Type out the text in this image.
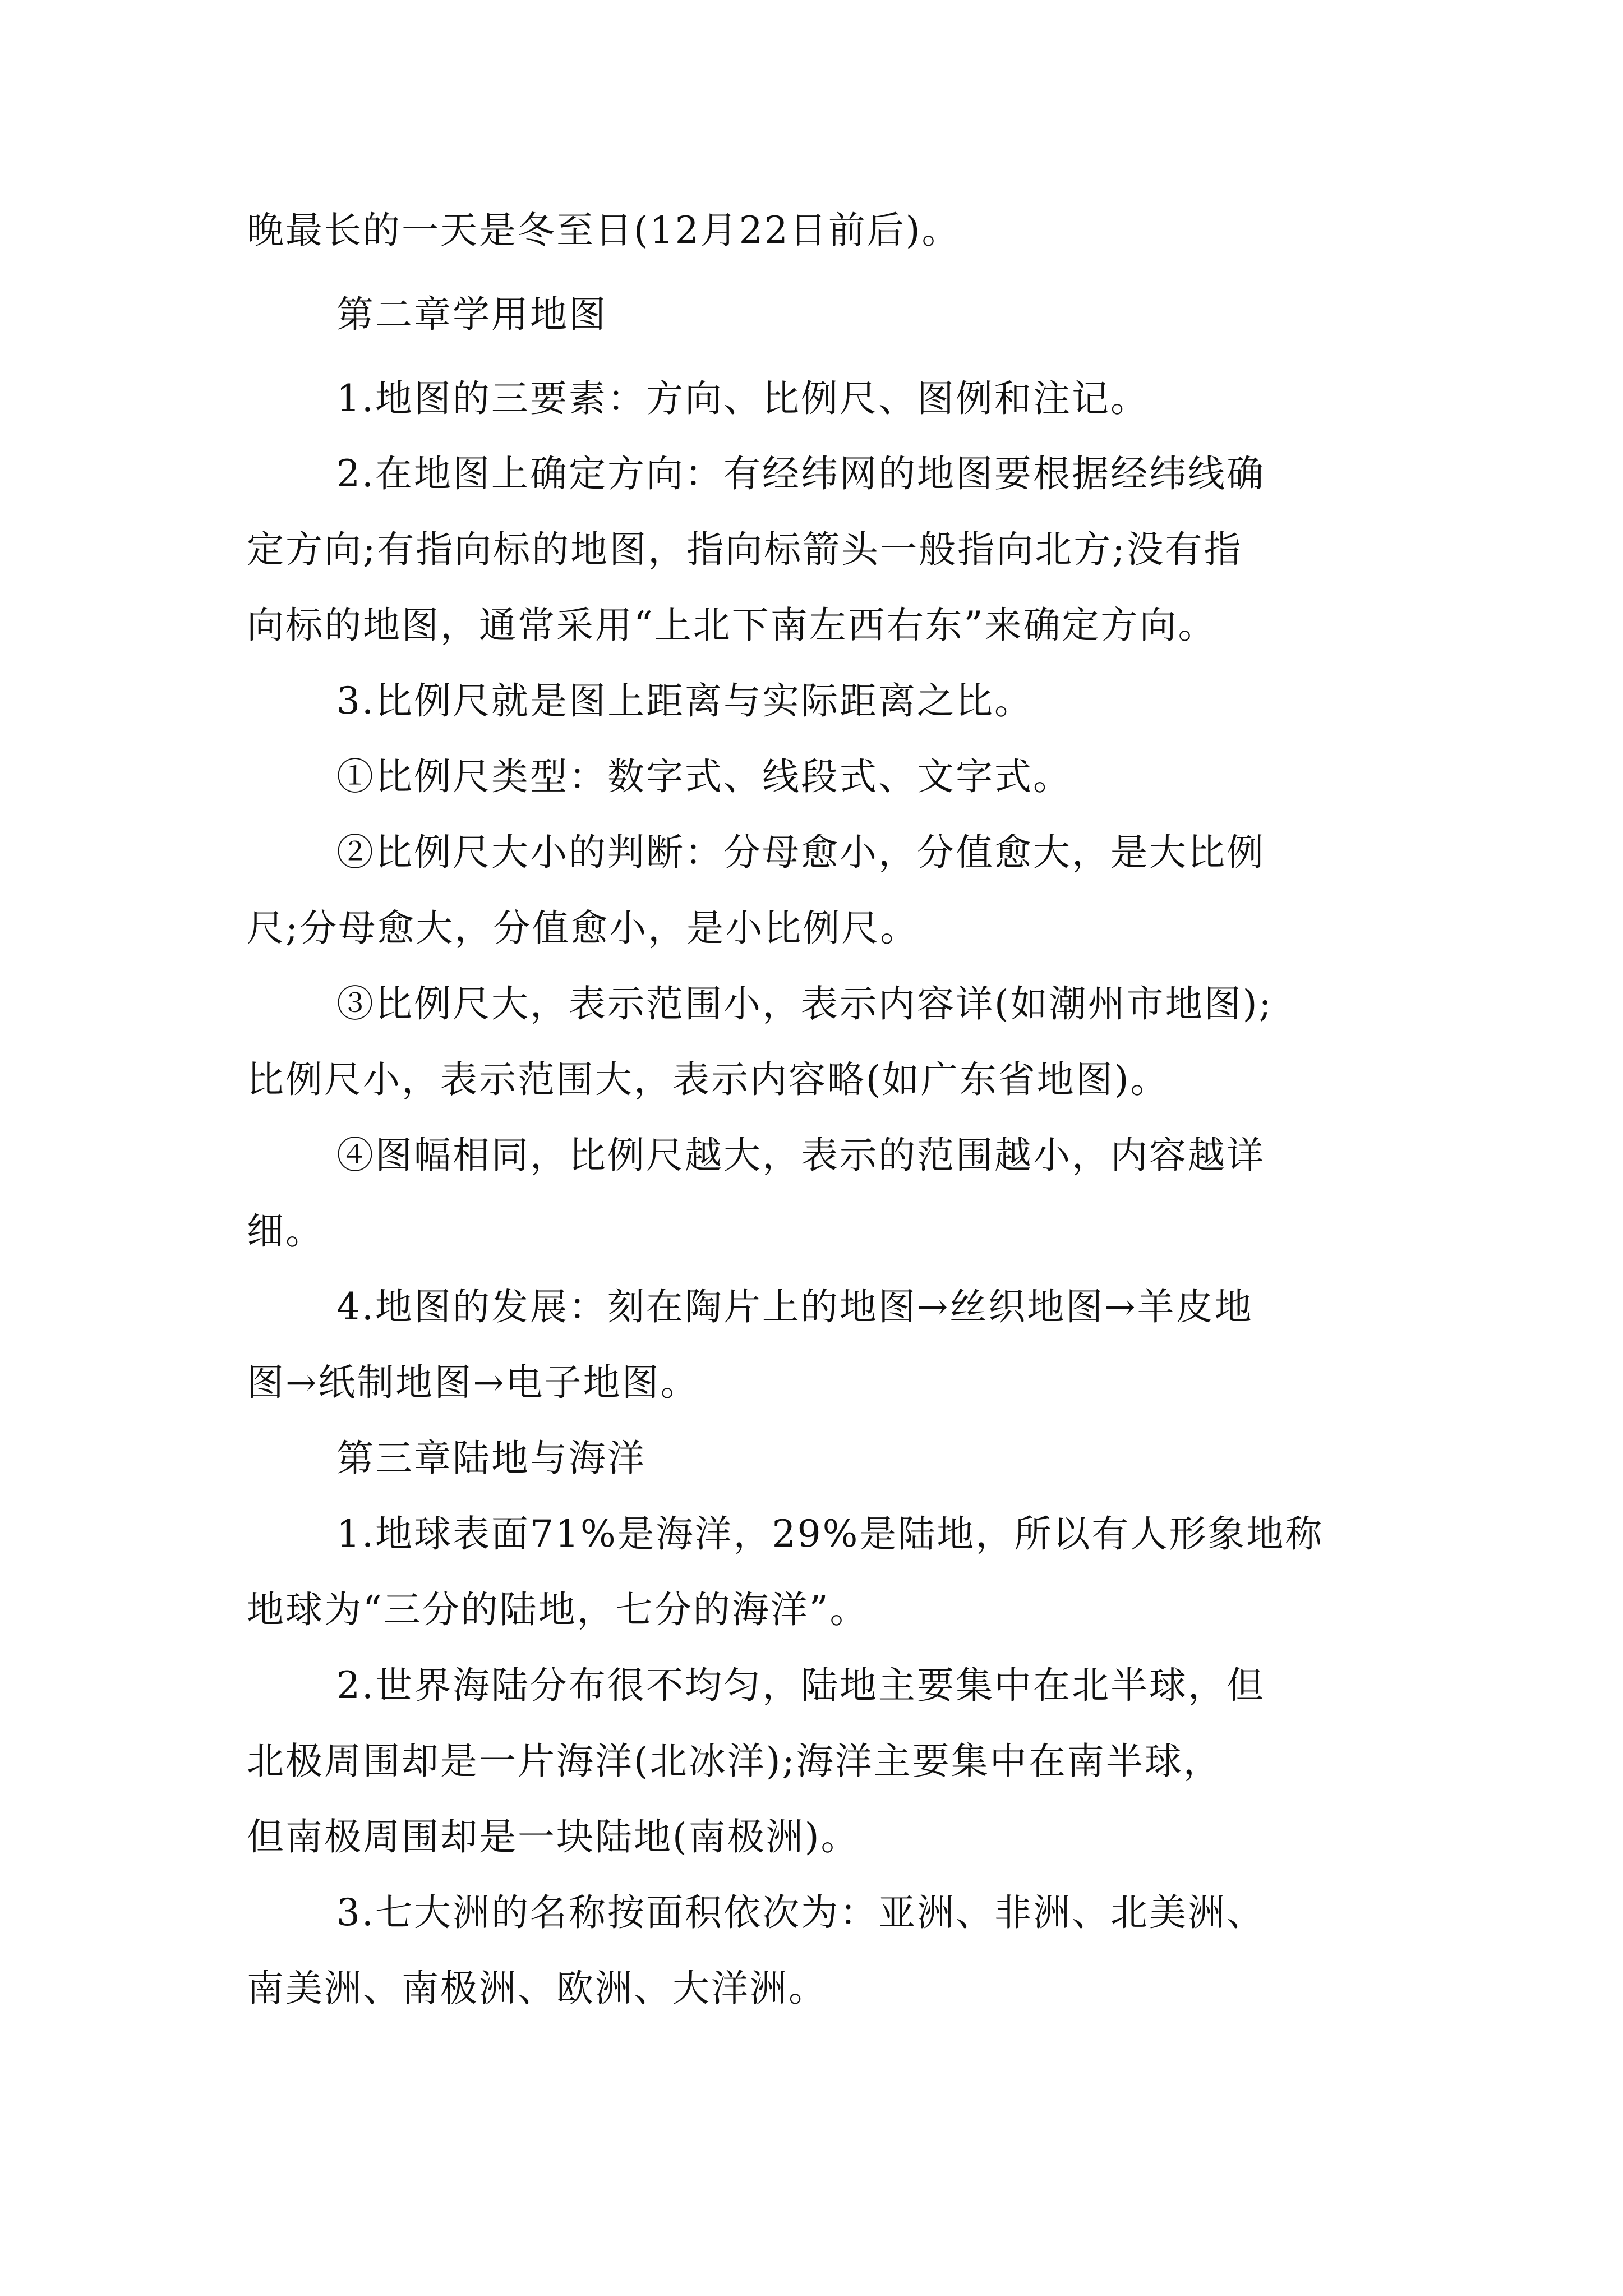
晚最长的一天是冬至日(12月22日前后)。

第二章学用地图

1.地图的三要素：方向、比例尺、图例和注记。

2.在地图上确定方向：有经纬网的地图要根据经纬线确

定方向;有指向标的地图，指向标箭头一般指向北方;没有指

向标的地图，通常采用“上北下南左西右东”来确定方向。

3.比例尺就是图上距离与实际距离之比。

①比例尺类型：数字式、线段式、文字式。

②比例尺大小的判断：分母愈小，分值愈大，是大比例

尺;分母愈大，分值愈小，是小比例尺。

③比例尺大，表示范围小，表示内容详(如潮州市地图);

比例尺小，表示范围大，表示内容略(如广东省地图)。

④图幅相同，比例尺越大，表示的范围越小，内容越详

细。

4.地图的发展：刻在陶片上的地图→丝织地图→羊皮地

图→纸制地图→电子地图。

第三章陆地与海洋

1.地球表面71%是海洋，29%是陆地，所以有人形象地称

地球为“三分的陆地，七分的海洋”。

2.世界海陆分布很不均匀，陆地主要集中在北半球，但

北极周围却是一片海洋(北冰洋);海洋主要集中在南半球，

但南极周围却是一块陆地(南极洲)。

3.七大洲的名称按面积依次为：亚洲、非洲、北美洲、

南美洲、南极洲、欧洲、大洋洲。
